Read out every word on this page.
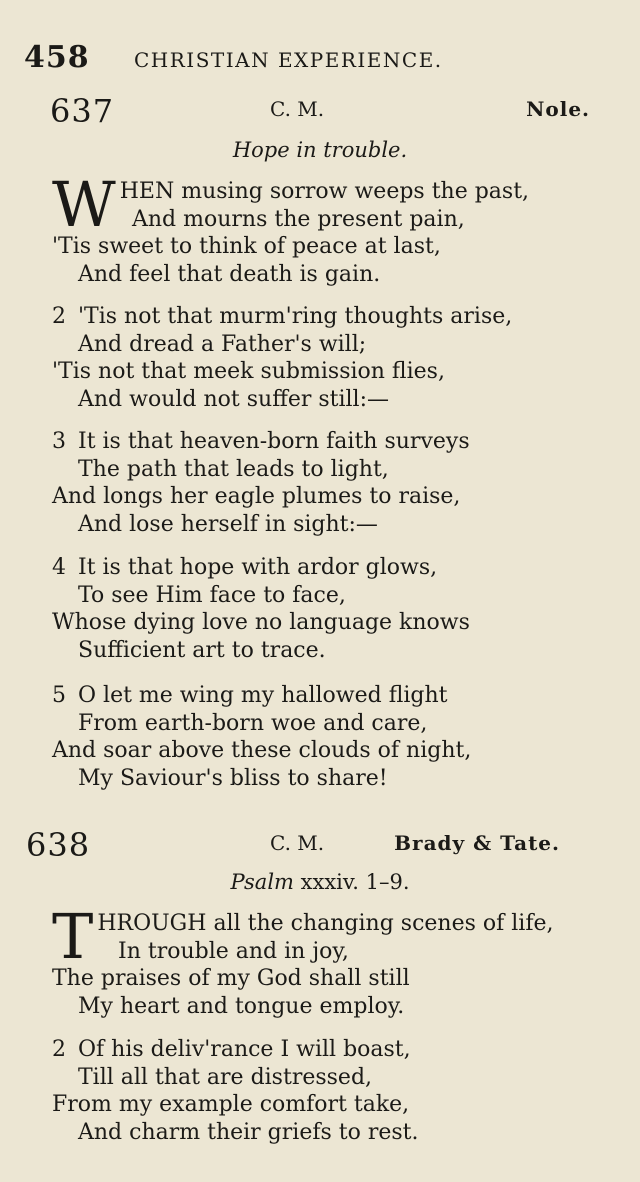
458 CHRISTIAN EXPERIENCE.
637	C. M.	Nole.
Hope in trouble.
W HEN musing sorrow weeps the past,
And mourns the present pain,
'Tis sweet to think of peace at last,
And feel that death is gain.
2 'Tis not that murm'ring thoughts arise,
And dread a Father's will;
'Tis not that meek submission flies,
And would not suffer still:—
3 It is that heaven-born faith surveys
The path that leads to light,
And longs her eagle plumes to raise,
And lose herself in sight:—
4 It is that hope with ardor glows,
To see Him face to face,
Whose dying love no language knows
Sufficient art to trace.
5 O let me wing my hallowed flight
From earth-born woe and care,
And soar above these clouds of night,
My Saviour's bliss to share!
638	C. M.	Brady & Tate.
Psalm xxxiv. 1–9.
T HROUGH all the changing scenes of life,
In trouble and in joy,
The praises of my God shall still
My heart and tongue employ.
2 Of his deliv'rance I will boast,
Till all that are distressed,
From my example comfort take,
And charm their griefs to rest.
